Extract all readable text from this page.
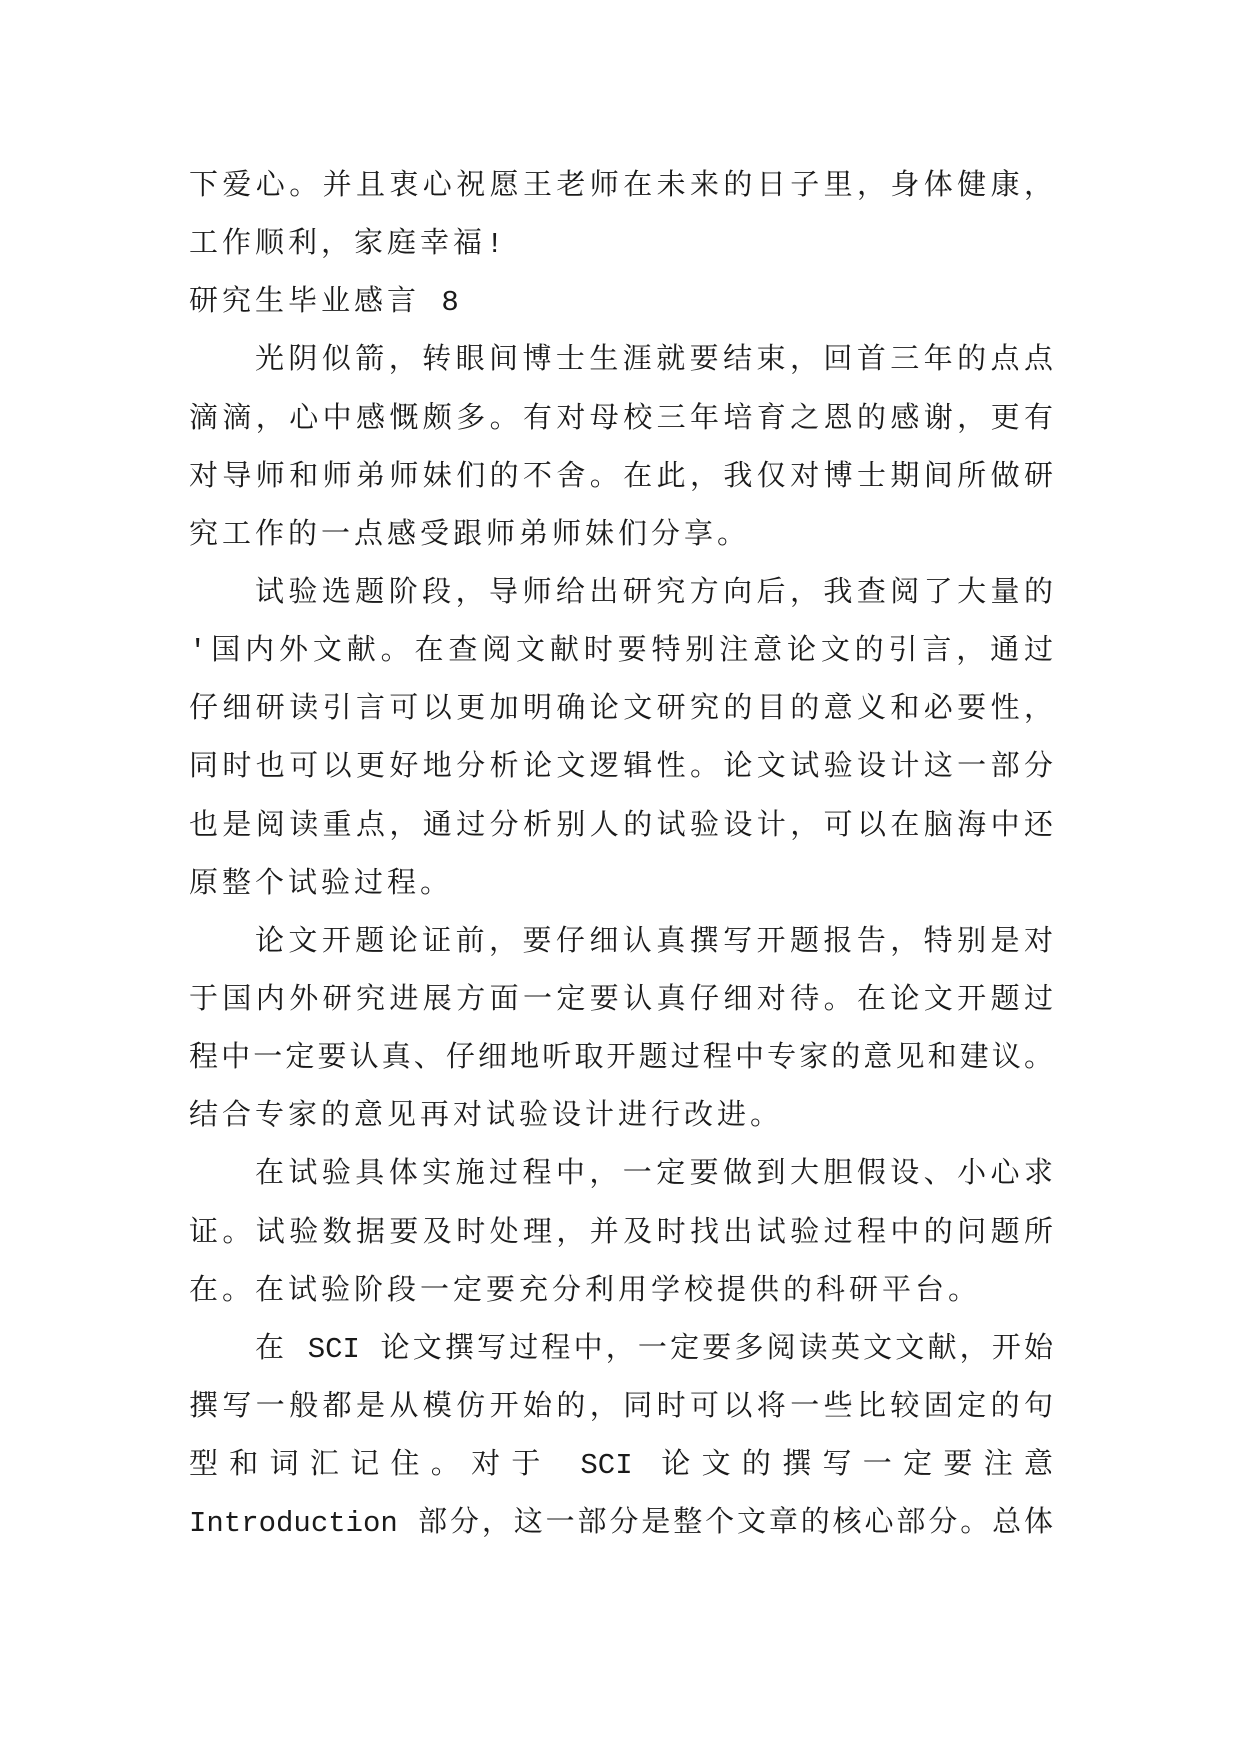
下爱心。并且衷心祝愿王老师在未来的日子里，身体健康，
工作顺利，家庭幸福!
研究生毕业感言 8
光阴似箭，转眼间博士生涯就要结束，回首三年的点点
滴滴，心中感慨颇多。有对母校三年培育之恩的感谢，更有
对导师和师弟师妹们的不舍。在此，我仅对博士期间所做研
究工作的一点感受跟师弟师妹们分享。
试验选题阶段，导师给出研究方向后，我查阅了大量的
'国内外文献。在查阅文献时要特别注意论文的引言，通过
仔细研读引言可以更加明确论文研究的目的意义和必要性，
同时也可以更好地分析论文逻辑性。论文试验设计这一部分
也是阅读重点，通过分析别人的试验设计，可以在脑海中还
原整个试验过程。
论文开题论证前，要仔细认真撰写开题报告，特别是对
于国内外研究进展方面一定要认真仔细对待。在论文开题过
程中一定要认真、仔细地听取开题过程中专家的意见和建议。
结合专家的意见再对试验设计进行改进。
在试验具体实施过程中，一定要做到大胆假设、小心求
证。试验数据要及时处理，并及时找出试验过程中的问题所
在。在试验阶段一定要充分利用学校提供的科研平台。
在 SCI 论文撰写过程中，一定要多阅读英文文献，开始
撰写一般都是从模仿开始的，同时可以将一些比较固定的句
型和词汇记住。对于 SCI 论文的撰写一定要注意
Introduction 部分，这一部分是整个文章的核心部分。总体
